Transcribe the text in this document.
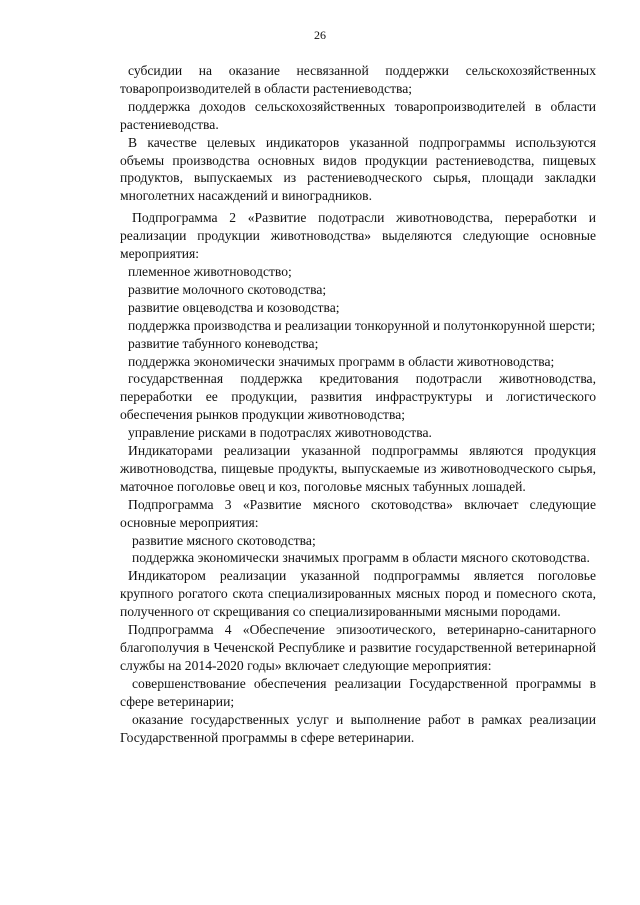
26

субсидии на оказание несвязанной поддержки сельскохозяйственных товаропроизводителей в области растениеводства;

поддержка доходов сельскохозяйственных товаропроизводителей в области растениеводства.

В качестве целевых индикаторов указанной подпрограммы используются объемы производства основных видов продукции растениеводства, пищевых продуктов, выпускаемых из растениеводческого сырья, площади закладки многолетних насаждений и виноградников.

Подпрограмма 2 «Развитие подотрасли животноводства, переработки и реализации продукции животноводства» выделяются следующие основные мероприятия:

племенное животноводство;

развитие молочного скотоводства;

развитие овцеводства и козоводства;

поддержка производства и реализации тонкорунной и полутонкорунной шерсти;

развитие табунного коневодства;

поддержка экономически значимых программ в области животноводства;

государственная поддержка кредитования подотрасли животноводства, переработки ее продукции, развития инфраструктуры и логистического обеспечения рынков продукции животноводства;

управление рисками в подотраслях животноводства.

Индикаторами реализации указанной подпрограммы являются продукция животноводства, пищевые продукты, выпускаемые из животноводческого сырья, маточное поголовье овец и коз, поголовье мясных табунных лошадей.

Подпрограмма 3 «Развитие мясного скотоводства» включает следующие основные мероприятия:

развитие мясного скотоводства;

поддержка экономически значимых программ в области мясного скотоводства.

Индикатором реализации указанной подпрограммы является поголовье крупного рогатого скота специализированных мясных пород и помесного скота, полученного от скрещивания со специализированными мясными породами.

Подпрограмма 4 «Обеспечение эпизоотического, ветеринарно-санитарного благополучия в Чеченской Республике и развитие государственной ветеринарной службы на 2014-2020 годы» включает следующие мероприятия:

совершенствование обеспечения реализации Государственной программы в сфере ветеринарии;

оказание государственных услуг и выполнение работ в рамках реализации Государственной программы в сфере ветеринарии.
